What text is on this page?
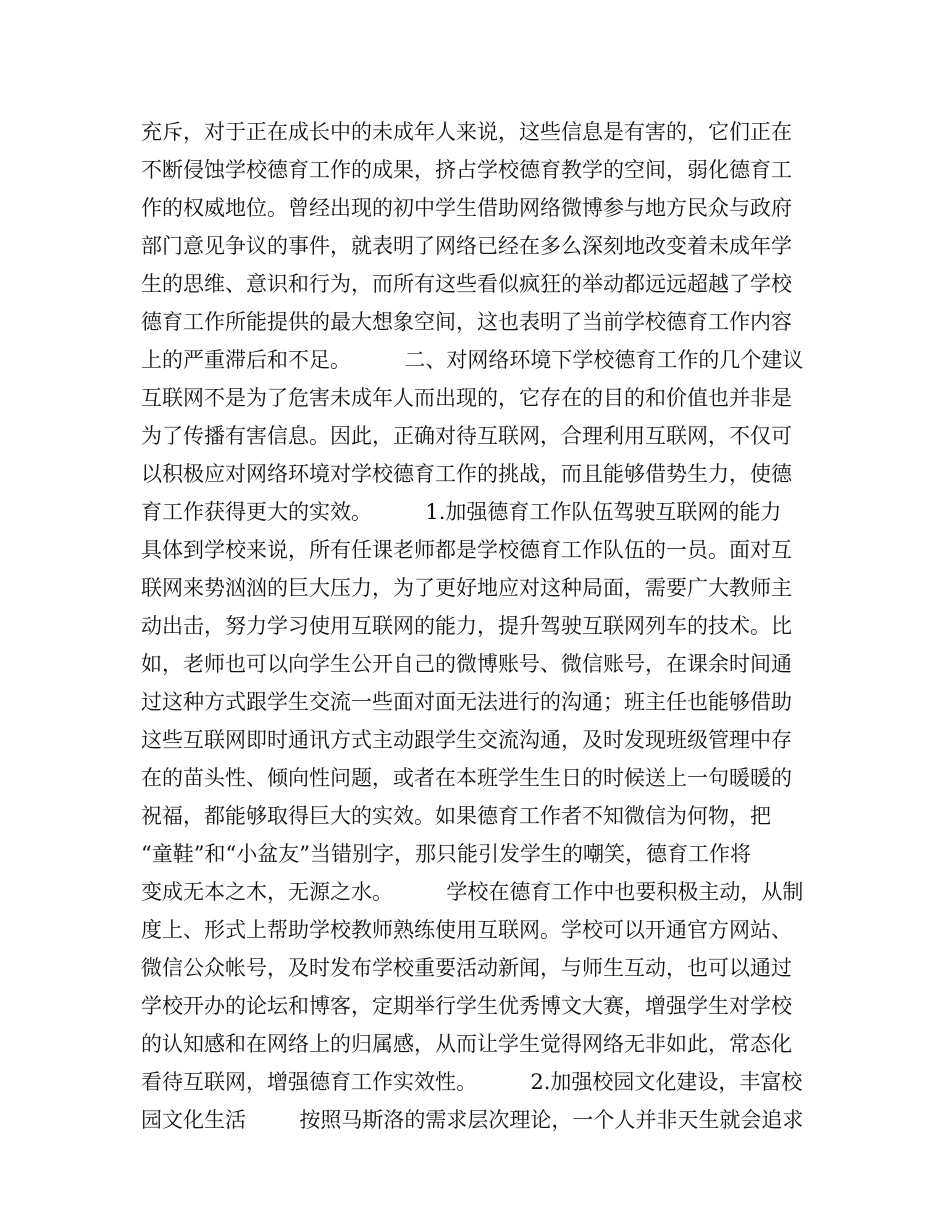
充斥，对于正在成长中的未成年人来说，这些信息是有害的，它们正在
不断侵蚀学校德育工作的成果，挤占学校德育教学的空间，弱化德育工
作的权威地位。曾经出现的初中学生借助网络微博参与地方民众与政府
部门意见争议的事件，就表明了网络已经在多么深刻地改变着未成年学
生的思维、意识和行为，而所有这些看似疯狂的举动都远远超越了学校
德育工作所能提供的最大想象空间，这也表明了当前学校德育工作内容
上的严重滞后和不足。        二、对网络环境下学校德育工作的几个建议
互联网不是为了危害未成年人而出现的，它存在的目的和价值也并非是
为了传播有害信息。因此，正确对待互联网，合理利用互联网，不仅可
以积极应对网络环境对学校德育工作的挑战，而且能够借势生力，使德
育工作获得更大的实效。        1.加强德育工作队伍驾驶互联网的能力
具体到学校来说，所有任课老师都是学校德育工作队伍的一员。面对互
联网来势汹汹的巨大压力，为了更好地应对这种局面，需要广大教师主
动出击，努力学习使用互联网的能力，提升驾驶互联网列车的技术。比
如，老师也可以向学生公开自己的微博账号、微信账号，在课余时间通
过这种方式跟学生交流一些面对面无法进行的沟通；班主任也能够借助
这些互联网即时通讯方式主动跟学生交流沟通，及时发现班级管理中存
在的苗头性、倾向性问题，或者在本班学生生日的时候送上一句暖暖的
祝福，都能够取得巨大的实效。如果德育工作者不知微信为何物，把
“童鞋”和“小盆友”当错别字，那只能引发学生的嘲笑，德育工作将
变成无本之木，无源之水。        学校在德育工作中也要积极主动，从制
度上、形式上帮助学校教师熟练使用互联网。学校可以开通官方网站、
微信公众帐号，及时发布学校重要活动新闻，与师生互动，也可以通过
学校开办的论坛和博客，定期举行学生优秀博文大赛，增强学生对学校
的认知感和在网络上的归属感，从而让学生觉得网络无非如此，常态化
看待互联网，增强德育工作实效性。        2.加强校园文化建设，丰富校
园文化生活        按照马斯洛的需求层次理论，一个人并非天生就会追求
